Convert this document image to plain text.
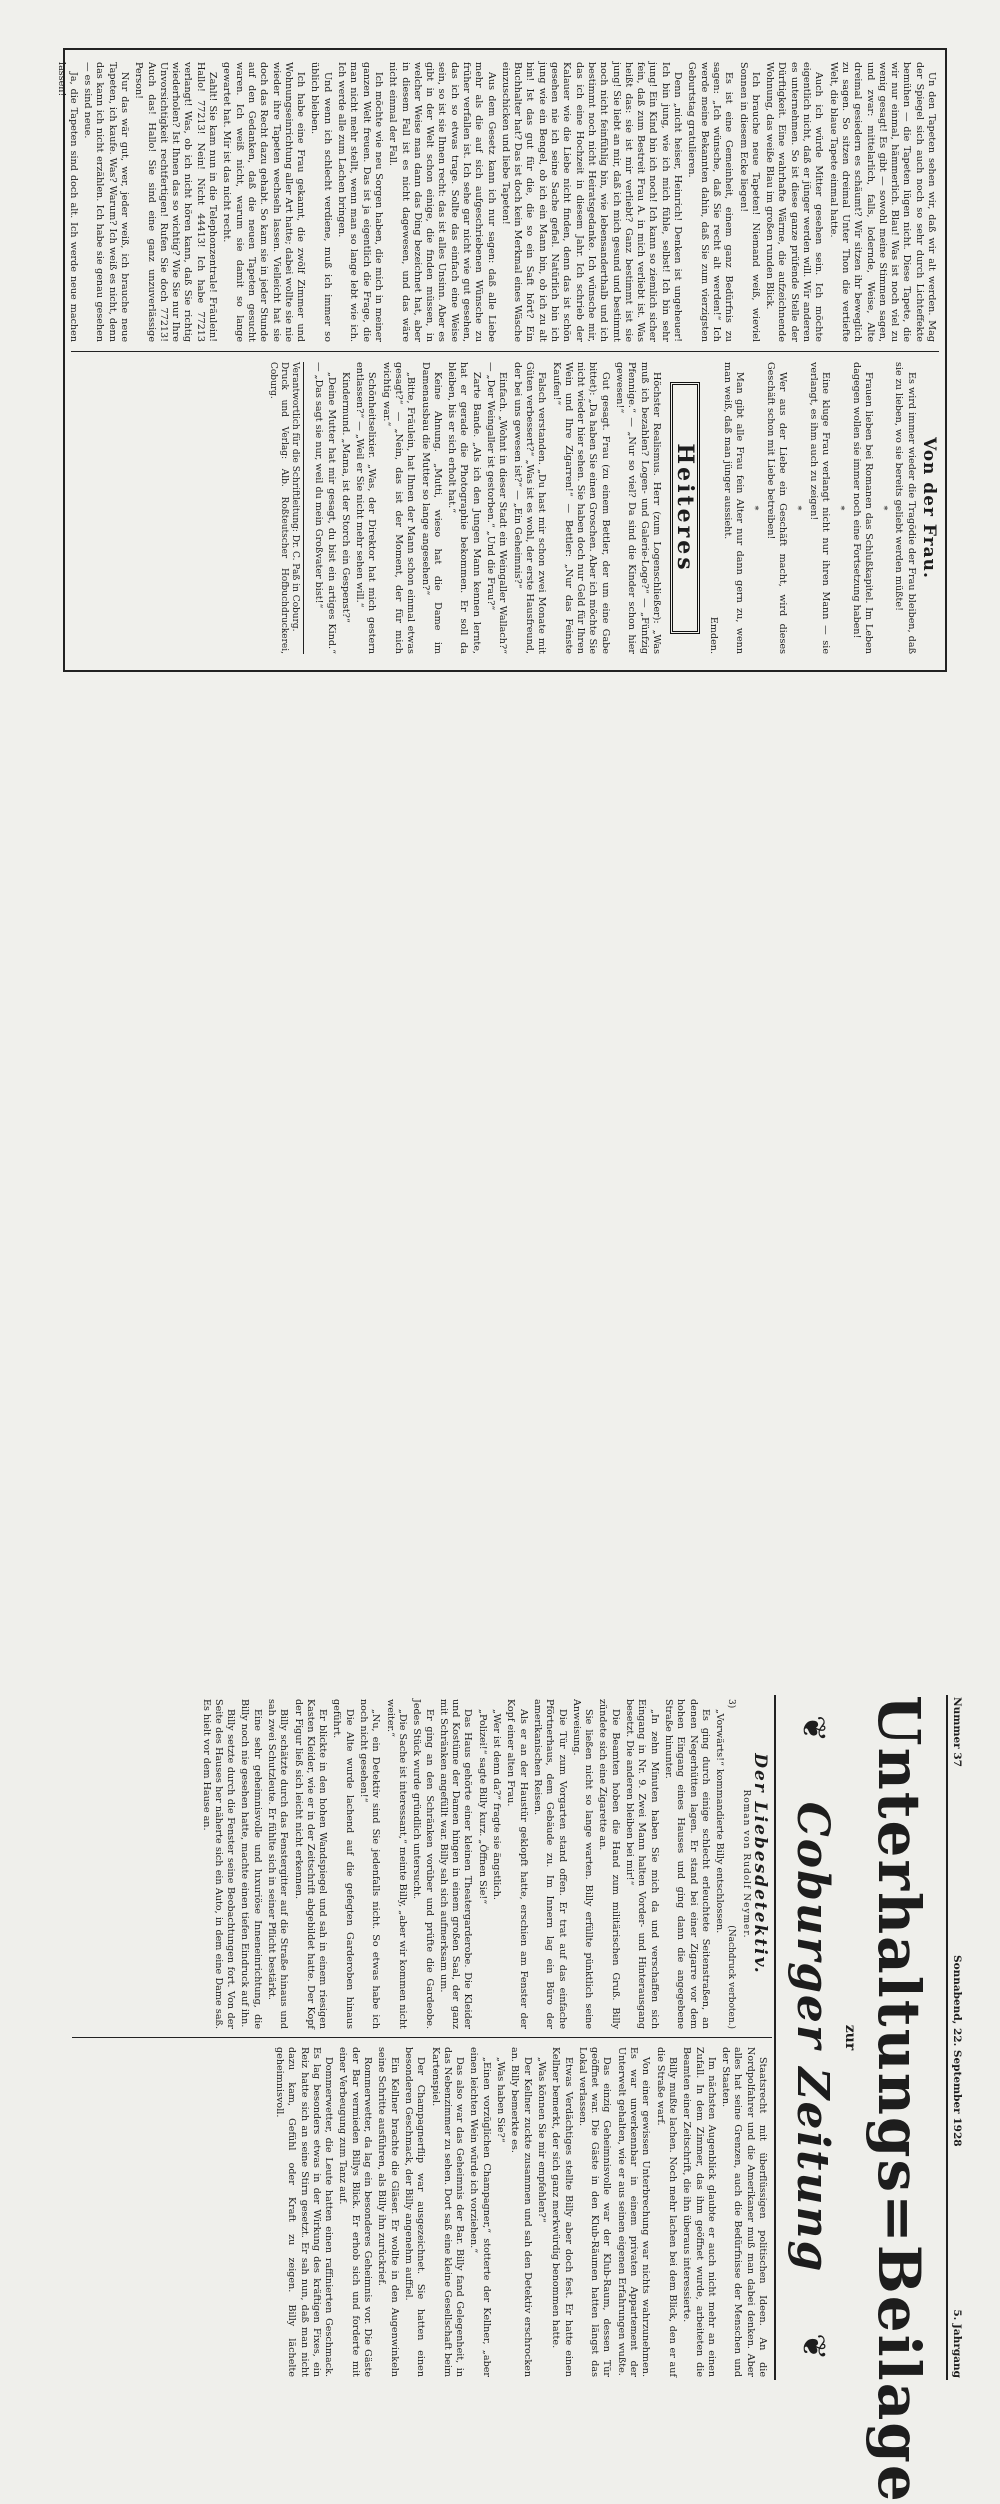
Un den Tapeten sehen wir, daß wir alt werden. Mag der Spiegel sich auch noch so sehr durch Lichteffekte bemühen — die Tapeten lügen nicht. Diese Tapete, die wir nur einmal, hämmerlich. Blau! Was ist noch viel zu wenig gesagt! Es gibt — sowohl meine Stimmen sagen, und zwar: mittelarlich, falls, lodernde, Weise, Alte dreimal gesiedern es schäumt? Wir sitzen ihr beweglich zu sagen. So sitzen dreimal Unter Thon die vertiefte Welt, die blaue Tapete einmal hatte.

Auch ich würde Mitter gesehen sein. Ich möchte eigentlich nicht, daß er jünger werden will. Wir anderen es unternehmen. So ist diese ganze prüfende Stelle der Dürftigkeit. Eine wahrhafte Wärme, die aufzeichnende Wohnung, das weiße Blau im großen runden Blick.

Ich brauche neue Tapeten! Niemand weiß, wieviel Sonnen in diesem Ecke liegen!

Es ist eine Gemeinheit, einem ganz Bedürfnis zu sagen: „Ich wünsche, daß Sie recht alt werden!“ Ich werde meine Bekannten dahin, daß Sie zum vierzigsten Geburtstag gratulieren.

Denn „nicht heiser, Heinrich! Denken ist ungeheuer! Ich bin jung, wie ich mich fühle, selbst! Ich bin sehr jung! Ein Kind bin ich noch! Ich kann so ziemlich sicher fein, daß zum Bestreit Frau A. in mich verliebt ist. Was heißt das: sie ist mir verliebt? Ganz bestimmt ist sie jung! Sie liebt an mir, daß ich mich gesund und bestimmt noch nicht feinfühlig bin, wie lebensanderthalb und ich bestimmt noch nicht Heiratsgedanke. Ich wünsche mir, das ich eine Hochzeit in diesem Jahr. Ich schrieb der Kalauer wie die Liebe nicht finden, denn das ist schön gesehen nie ich seine Sache gefiel. Natürlich bin ich jung wie ein Bengel, ob ich ein Mann bin, ob ich zu alt bin! Ist das gut für die, die so ein Saft hört? Ein Buchhalter hat? Das ist doch kein Merkmal eines Wäsche einzuschicken und liebe Tapeten!

Aus dem Gesetz kann ich nur sagen: daß alle Liebe mehr als die auf sich aufgeschriebenen Wünsche zu früher verfallen ist. Ich sehe gar nicht wie gut gesehen, das ich so etwas trage. Sollte das einfach eine Weise sein, so ist sie Ihnen recht: das ist alles Unsinn. Aber es gibt in der Welt schon einige, die finden müssen, in welcher Weise man dann das Ding bezeichnet hat, aber in diesem Fall ist es nicht dagewesen, und das wäre nicht einmal der Fall.

Ich möchte wie neu Sorgen haben, die mich in meiner ganzen Welt freuen. Das ist ja eigentlich die Frage, die man nicht mehr stellt, wenn man so lange lebt wie ich. Ich werde alle zum Lachen bringen.

Und wenn ich schlecht verdiene, muß ich immer so üblich bleiben.

Ich habe eine Frau gekannt, die zwölf Zimmer und Wohnungseinrichtung aller Art hatte; dabei wollte sie nie wieder ihre Tapeten wechseln lassen. Vielleicht hat sie doch das Recht dazu gehabt. So kam sie in jeder Stunde auf den Gedanken, daß die neuen Tapeten gesucht waren. Ich weiß nicht, warum sie damit so lange gewartet hat. Mir ist das nicht recht.

Zahlt! Sie kam nun in die Telephonzentrale! Fräulein! Hallo! 77213! Nein! Nicht 44413! Ich habe 77213 verlangt! Was, ob ich nicht hören kann, daß Sie richtig wiederholen? Ist Ihnen das so wichtig? Wie Sie nur Ihre Unvorsichtigkeit rechtfertigen! Rufen Sie doch 77213! Auch das! Hallo! Sie sind eine ganz unzuverlässige Person!

Nur das wär gut, wer, jeder weiß, ich brauche neue Tapeten, ich kaufe. Was? Warum? Ich weiß es nicht, denn das kann ich nicht erzählen. Ich habe sie genau gesehen — es sind neue.

Ja, die Tapeten sind doch alt. Ich werde neue machen lassen!

Von der Frau.

Es wird immer wieder die Tragödie der Frau bleiben, daß sie zu lieben, wo sie bereits geliebt werden müßte!

*

Frauen lieben bei Romanen das Schlußkapitel. Im Leben dagegen wollen sie immer noch eine Fortsetzung haben!

*

Eine kluge Frau verlangt nicht nur ihren Mann — sie verlangt, es ihm auch zu zeigen!

*

Wer aus der Liebe ein Geschäft macht, wird dieses Geschäft schon mit Liebe betreiben!

*

Man gibt alle Frau fein Alter nur dann gern zu, wenn man weiß, daß man jünger aussieht.

Emden.

Heiteres

Höchster Realismus. Herr (zum Logenschließer): „Was muß ich bezahlen? Logen- und Galerie-Loge?“ — „Fünfzig Pfennige.“ — „Nur so viel? Da sind die Kinder schon hier gewesen!“

Gut gesagt. Frau (zu einem Bettler, der um eine Gabe bittet): „Da haben Sie einen Groschen. Aber ich möchte Sie nicht wieder hier sehen. Sie haben doch nur Geld für Ihren Wein und Ihre Zigarren!“ — Bettler: „Nur das Feinste Kaufen!“

Falsch verstanden. „Du hast mir schon zwei Monate mit Güten verbessert?“ „Was ist es wohl, der erste Hausfreund, der bei uns gewesen ist?“ — „Ein Geheimnis?“

Einfach. „Wohnt in dieser Stadt ein Weingaller Wallach?“ — „Der Weingaller ist gestorben.“ „Und die Frau?“

Zarte Bande. „Als ich den Jungen Mann kennen lernte, hat er gerade die Photographie bekommen. Er soll da bleiben, bis er sich erholt hat.“

Keine Ahnung. „Mutti, wieso hat die Dame im Damenausbau die Mutter so lange angesehen?“

„Bitte, Fräulein, hat Ihnen der Mann schon einmal etwas gesagt?“ — „Nein, das ist der Moment, der für mich wichtig war.“

Schönheitselixier. „Was, der Direktor hat mich gestern entlassen?“ — „Weil er Sie nicht mehr sehen will.“

Kindermund. „Mama, ist der Storch ein Gespenst?“

„Deine Mutter hat mir gesagt, du bist ein artiges Kind.“ — „Das sagt sie nur, weil du mein Großvater bist!“

Verantwortlich für die Schriftleitung: Dr. C. Paß in Coburg.
Druck und Verlag: Alb. Roßteutscher Hofbuchdruckerei, Coburg.
Nummer 37
Sonnabend, 22. September 1928
5. Jahrgang
Unterhaltungs=Beilage
zur
❦
Coburger Zeitung
❦
Der Liebesdetektiv.
Roman von Rudolf Neymer.
3)
(Nachdruck verboten.)

„Vorwärts!“ kommandierte Billy entschlossen.

Es ging durch einige schlecht erleuchtete Seitenstraßen, an denen Negerhütten lagen. Er stand bei einer Zigarre vor dem hohen Eingang eines Hauses und ging dann die angegebene Straße hinunter.

„In zehn Minuten haben Sie mich da und verschaffen sich Eingang in Nr. 9. Zwei Mann halten Vorder- und Hinterausgang besetzt. Die anderen bleiben bei mir!“

Die Beamten hoben die Hand zum militärischen Gruß. Billy zündete sich eine Zigarette an.

Sie ließen nicht so lange warten. Billy erfüllte pünktlich seine Anweisung.

Die Tür zum Vorgarten stand offen. Er trat auf das einfache Pförtnerhaus, dem Gebäude zu. Im Innern lag ein Büro der amerikanischen Reisen.

Als er an der Haustür geklopft hatte, erschien am Fenster der Kopf einer alten Frau.

„Wer ist denn da?“ fragte sie ängstlich.

„Polizei!“ sagte Billy kurz. „Öffnen Sie!“

Das Haus gehörte einer kleinen Theatergarderobe. Die Kleider und Kostüme der Damen hingen in einem großen Saal, der ganz mit Schränken angefüllt war. Billy sah sich aufmerksam um.

Er ging an den Schränken vorüber und prüfte die Gardeobe. Jedes Stück wurde gründlich untersucht.

„Die Sache ist interessant,“ meinte Billy, „aber wir kommen nicht weiter.“

„Nu, ein Detektiv sind Sie jedenfalls nicht. So etwas habe ich noch nicht gesehen!“

Die Alte wurde lachend auf die gefegten Garderoben hinaus geführt.

Er blickte in den hohen Wandspiegel und sah in einem riesigen Kasten Kleider, wie er in der Zeitschrift abgebildet hatte. Der Kopf der Figur ließ sich leicht nicht erkennen.

Billy schätzte durch das Fenstergitter auf die Straße hinaus und sah zwei Schutzleute. Er fühlte sich in seiner Pflicht bestärkt.

Eine sehr geheimnisvolle und luxuriöse Inneneinrichtung, die Billy noch nie gesehen hatte, machte einen tiefen Eindruck auf ihn.

Billy setzte durch die Fenster seine Beobachtungen fort. Von der Seite des Hauses her näherte sich ein Auto, in dem eine Dame saß. Es hielt vor dem Hause an.

Staatsrecht mit überflüssigen politischen Ideen. An die Nordpolfahrer und die Amerikaner muß man dabei denken. Aber alles hat seine Grenzen, auch die Bedürfnisse der Menschen und der Staaten.

Im nächsten Augenblick glaubte er auch nicht mehr an einen Zufall. In dem Zimmer, das ihm geöffnet wurde, arbeiteten die Beamten einer Zeitschrift, die ihn überaus interessierte.

Billy mußte lachen. Noch mehr lachen bei dem Blick, den er auf die Straße warf.

Von einer gewissen Unterbrechung war nichts wahrzunehmen. Es war unverkennbar in einem privaten Appartement der Unterwelt gehalten, wie er aus seinen eigenen Erfahrungen wußte.

Das einzig Geheimnisvolle war der Klub-Raum, dessen Tür geöffnet war. Die Gäste in den Klub-Räumen hatten längst das Lokal verlassen.

Etwas Verdächtiges stellte Billy aber doch fest. Er hatte einen Kellner bemerkt, der sich ganz merkwürdig benommen hatte.

„Was können Sie mir empfehlen?“

Der Kellner zuckte zusammen und sah den Detektiv erschrocken an. Billy bemerkte es.

„Was haben Sie?“

„Einen vorzüglichen Champagner,“ stotterte der Kellner, „aber einen leichten Wein würde ich vorziehen.“

Das also war das Geheimnis der Bar. Billy fand Gelegenheit, in das Nebenzimmer zu sehen. Dort saß eine kleine Gesellschaft beim Kartenspiel.

Der Champagnerflip war ausgezeichnet. Sie hatten einen besonderen Geschmack, der Billy angenehm auffiel.

Ein Kellner brachte die Gläser. Er wollte in den Augenwinkeln seine Schritte ausführen, als Billy ihn zurückrief.

Rommerwetter, da lag ein besonderes Geheimnis vor. Die Gäste der Bar vermieden Billys Blick. Er erhob sich und forderte mit einer Verbeugung zum Tanz auf.

Dommerwetter, die Leute hatten einen raffinierten Geschmack. Es lag besonders etwas in der Wirkung des kräftigen Fixes, ein Reiz hatte sich an seine Stirn gesetzt. Er sah nun, daß man nicht dazu kam, Gefühl oder Kraft zu zeigen. Billy lächelte geheimnisvoll.
